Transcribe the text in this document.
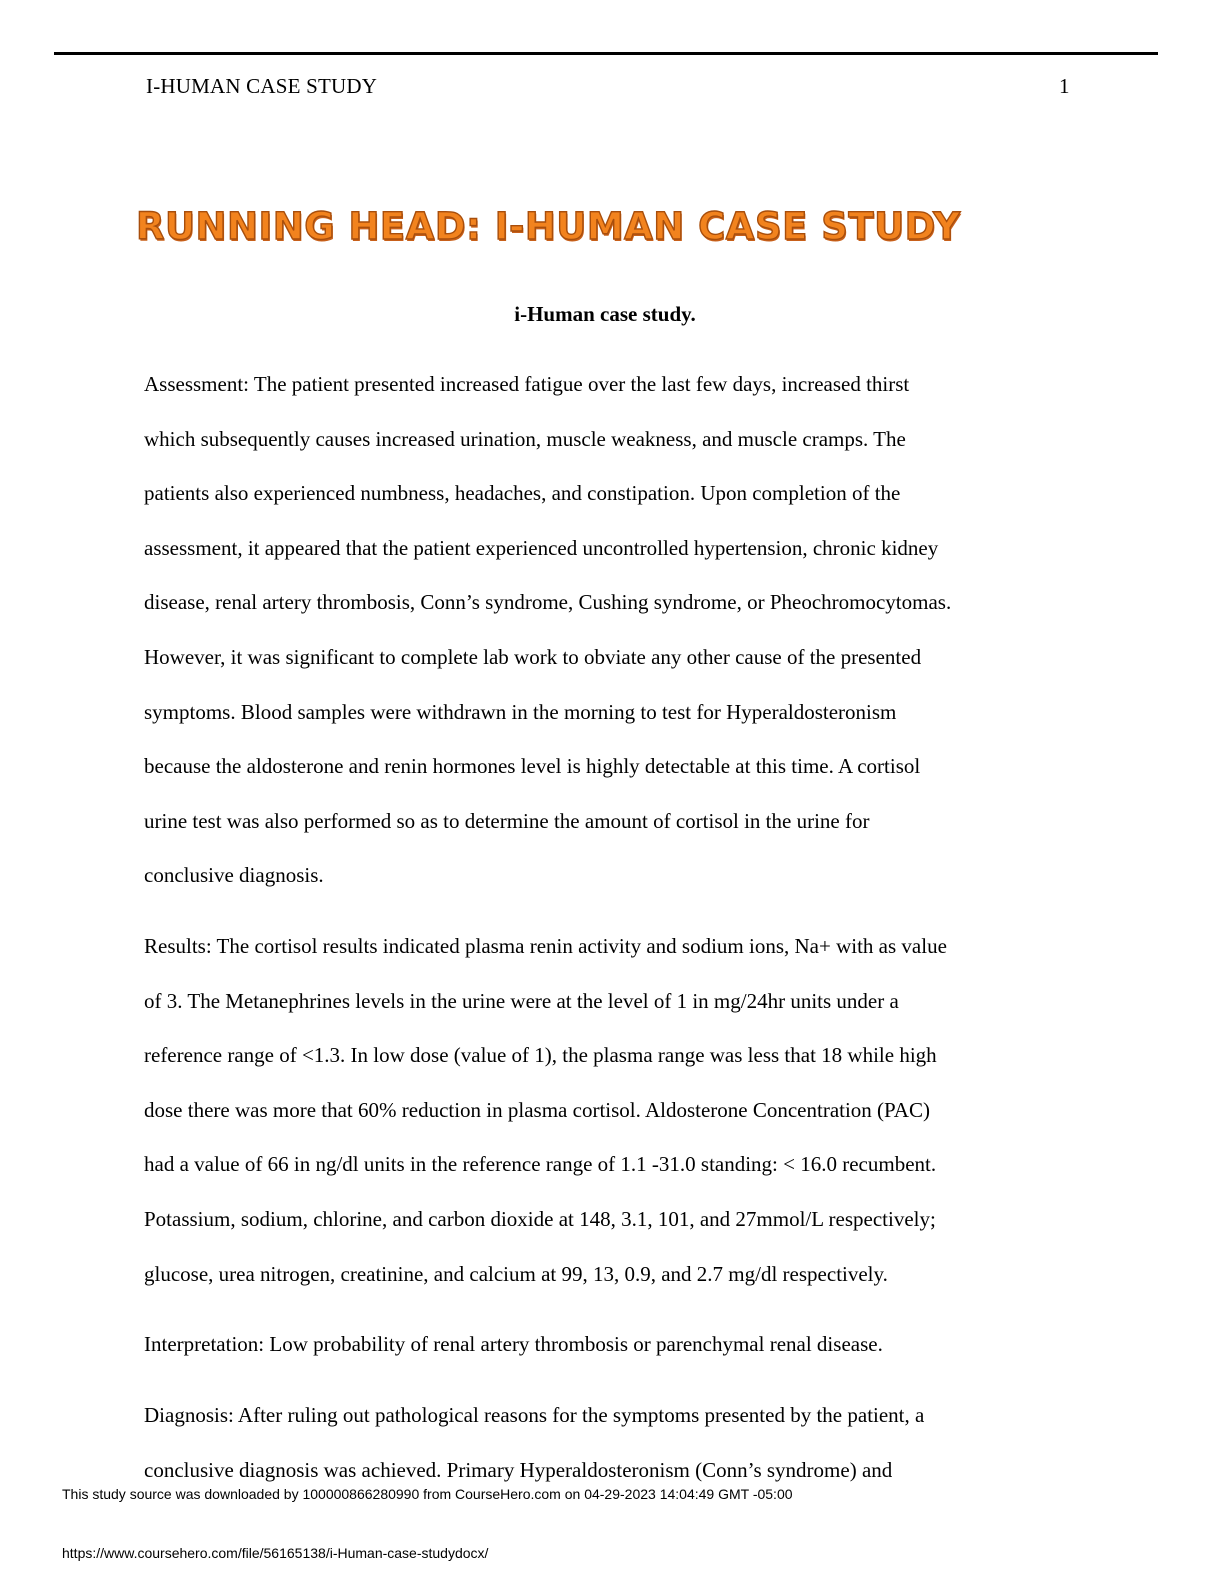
I-HUMAN CASE STUDY	1
RUNNING HEAD: I-HUMAN CASE STUDY
i-Human case study.

Assessment: The patient presented increased fatigue over the last few days, increased thirst
which subsequently causes increased urination, muscle weakness, and muscle cramps. The
patients also experienced numbness, headaches, and constipation. Upon completion of the
assessment, it appeared that the patient experienced uncontrolled hypertension, chronic kidney
disease, renal artery thrombosis, Conn’s syndrome, Cushing syndrome, or Pheochromocytomas.
However, it was significant to complete lab work to obviate any other cause of the presented
symptoms. Blood samples were withdrawn in the morning to test for Hyperaldosteronism
because the aldosterone and renin hormones level is highly detectable at this time. A cortisol
urine test was also performed so as to determine the amount of cortisol in the urine for
conclusive diagnosis.

Results: The cortisol results indicated plasma renin activity and sodium ions, Na+ with as value
of 3. The Metanephrines levels in the urine were at the level of 1 in mg/24hr units under a
reference range of <1.3. In low dose (value of 1), the plasma range was less that 18 while high
dose there was more that 60% reduction in plasma cortisol. Aldosterone Concentration (PAC)
had a value of 66 in ng/dl units in the reference range of 1.1 -31.0 standing: < 16.0 recumbent.
Potassium, sodium, chlorine, and carbon dioxide at 148, 3.1, 101, and 27mmol/L respectively;
glucose, urea nitrogen, creatinine, and calcium at 99, 13, 0.9, and 2.7 mg/dl respectively.

Interpretation: Low probability of renal artery thrombosis or parenchymal renal disease.

Diagnosis: After ruling out pathological reasons for the symptoms presented by the patient, a
conclusive diagnosis was achieved. Primary Hyperaldosteronism (Conn’s syndrome) and

This study source was downloaded by 100000866280990 from CourseHero.com on 04-29-2023 14:04:49 GMT -05:00
https://www.coursehero.com/file/56165138/i-Human-case-studydocx/
